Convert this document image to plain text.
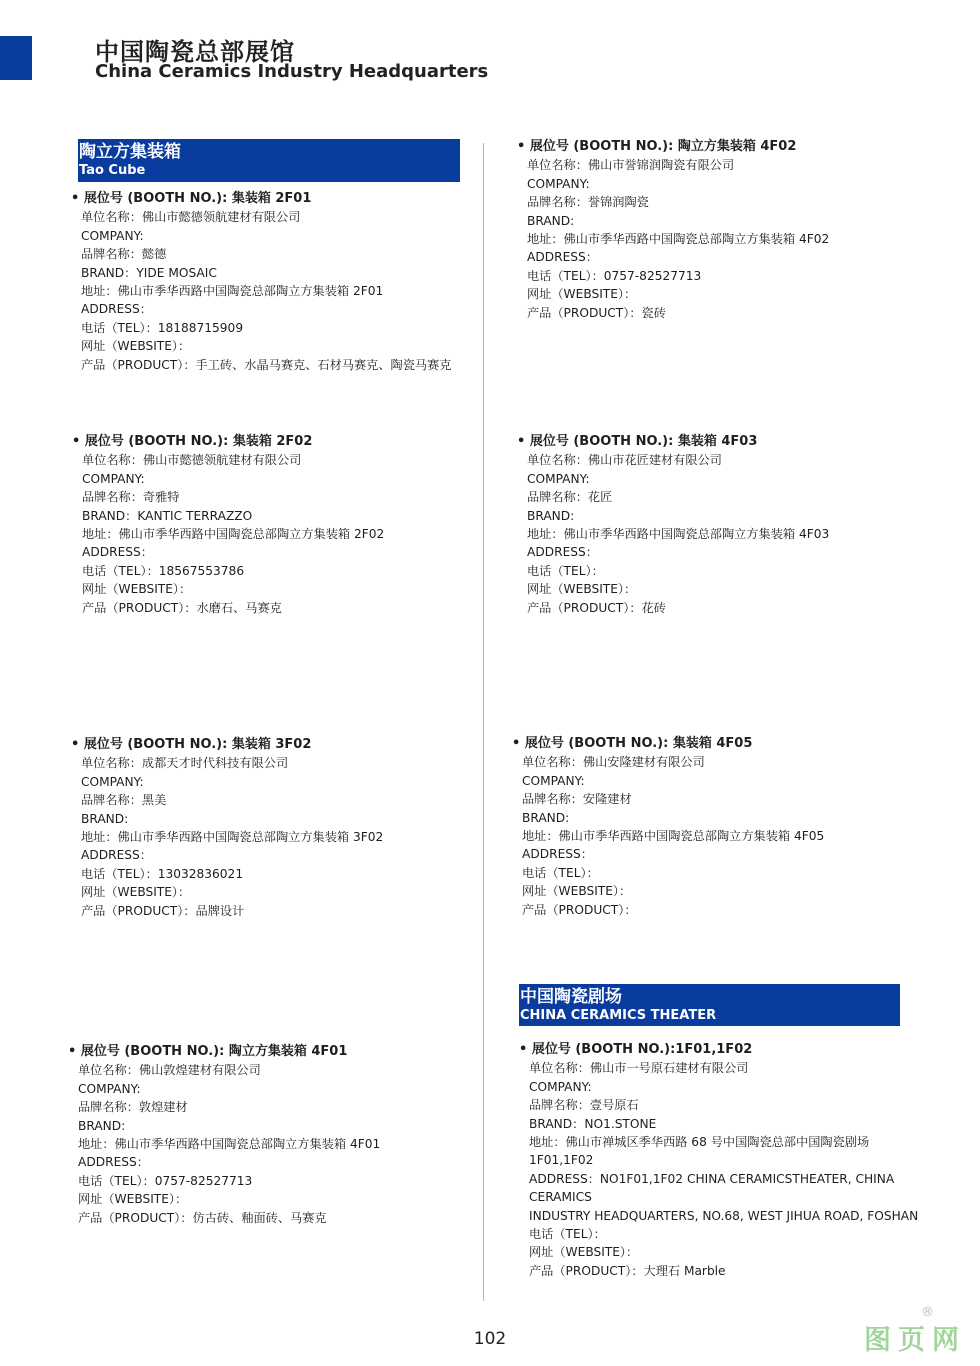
中国陶瓷总部展馆
China Ceramics Industry Headquarters
陶立方集装箱
Tao Cube
中国陶瓷剧场
CHINA CERAMICS THEATER
• 展位号 (BOOTH NO.): 集装箱 2F01
单位名称：佛山市懿德领航建材有限公司
COMPANY:
品牌名称：懿德
BRAND：YIDE MOSAIC
地址：佛山市季华西路中国陶瓷总部陶立方集装箱 2F01
ADDRESS：
电话（TEL）：18188715909
网址（WEBSITE）：
产品（PRODUCT）：手工砖、水晶马赛克、石材马赛克、陶瓷马赛克
• 展位号 (BOOTH NO.): 集装箱 2F02
单位名称：佛山市懿德领航建材有限公司
COMPANY:
品牌名称：奇雅特
BRAND：KANTIC TERRAZZO
地址：佛山市季华西路中国陶瓷总部陶立方集装箱 2F02
ADDRESS：
电话（TEL）：18567553786
网址（WEBSITE）：
产品（PRODUCT）：水磨石、马赛克
• 展位号 (BOOTH NO.): 集装箱 3F02
单位名称：成都天才时代科技有限公司
COMPANY:
品牌名称：黑美
BRAND:
地址：佛山市季华西路中国陶瓷总部陶立方集装箱 3F02
ADDRESS：
电话（TEL）：13032836021
网址（WEBSITE）：
产品（PRODUCT）：品牌设计
• 展位号 (BOOTH NO.): 陶立方集装箱 4F01
单位名称：佛山敦煌建材有限公司
COMPANY:
品牌名称：敦煌建材
BRAND:
地址：佛山市季华西路中国陶瓷总部陶立方集装箱 4F01
ADDRESS：
电话（TEL）：0757-82527713
网址（WEBSITE）：
产品（PRODUCT）：仿古砖、釉面砖、马赛克
• 展位号 (BOOTH NO.): 陶立方集装箱 4F02
单位名称：佛山市誉锦润陶瓷有限公司
COMPANY:
品牌名称：誉锦润陶瓷
BRAND:
地址：佛山市季华西路中国陶瓷总部陶立方集装箱 4F02
ADDRESS：
电话（TEL）：0757-82527713
网址（WEBSITE）：
产品（PRODUCT）：瓷砖
• 展位号 (BOOTH NO.): 集装箱 4F03
单位名称：佛山市花匠建材有限公司
COMPANY:
品牌名称：花匠
BRAND:
地址：佛山市季华西路中国陶瓷总部陶立方集装箱 4F03
ADDRESS：
电话（TEL）：
网址（WEBSITE）：
产品（PRODUCT）：花砖
• 展位号 (BOOTH NO.): 集装箱 4F05
单位名称：佛山安隆建材有限公司
COMPANY:
品牌名称：安隆建材
BRAND:
地址：佛山市季华西路中国陶瓷总部陶立方集装箱 4F05
ADDRESS：
电话（TEL）：
网址（WEBSITE）：
产品（PRODUCT）：
• 展位号 (BOOTH NO.):1F01,1F02
单位名称：佛山市一号原石建材有限公司
COMPANY:
品牌名称：壹号原石
BRAND：NO1.STONE
地址：佛山市禅城区季华西路 68 号中国陶瓷总部中国陶瓷剧场
1F01,1F02
ADDRESS：NO1F01,1F02 CHINA CERAMICSTHEATER, CHINA
CERAMICS
INDUSTRY HEADQUARTERS, NO.68, WEST JIHUA ROAD, FOSHAN
电话（TEL）：
网址（WEBSITE）：
产品（PRODUCT）：大理石 Marble
102
®
图页网
